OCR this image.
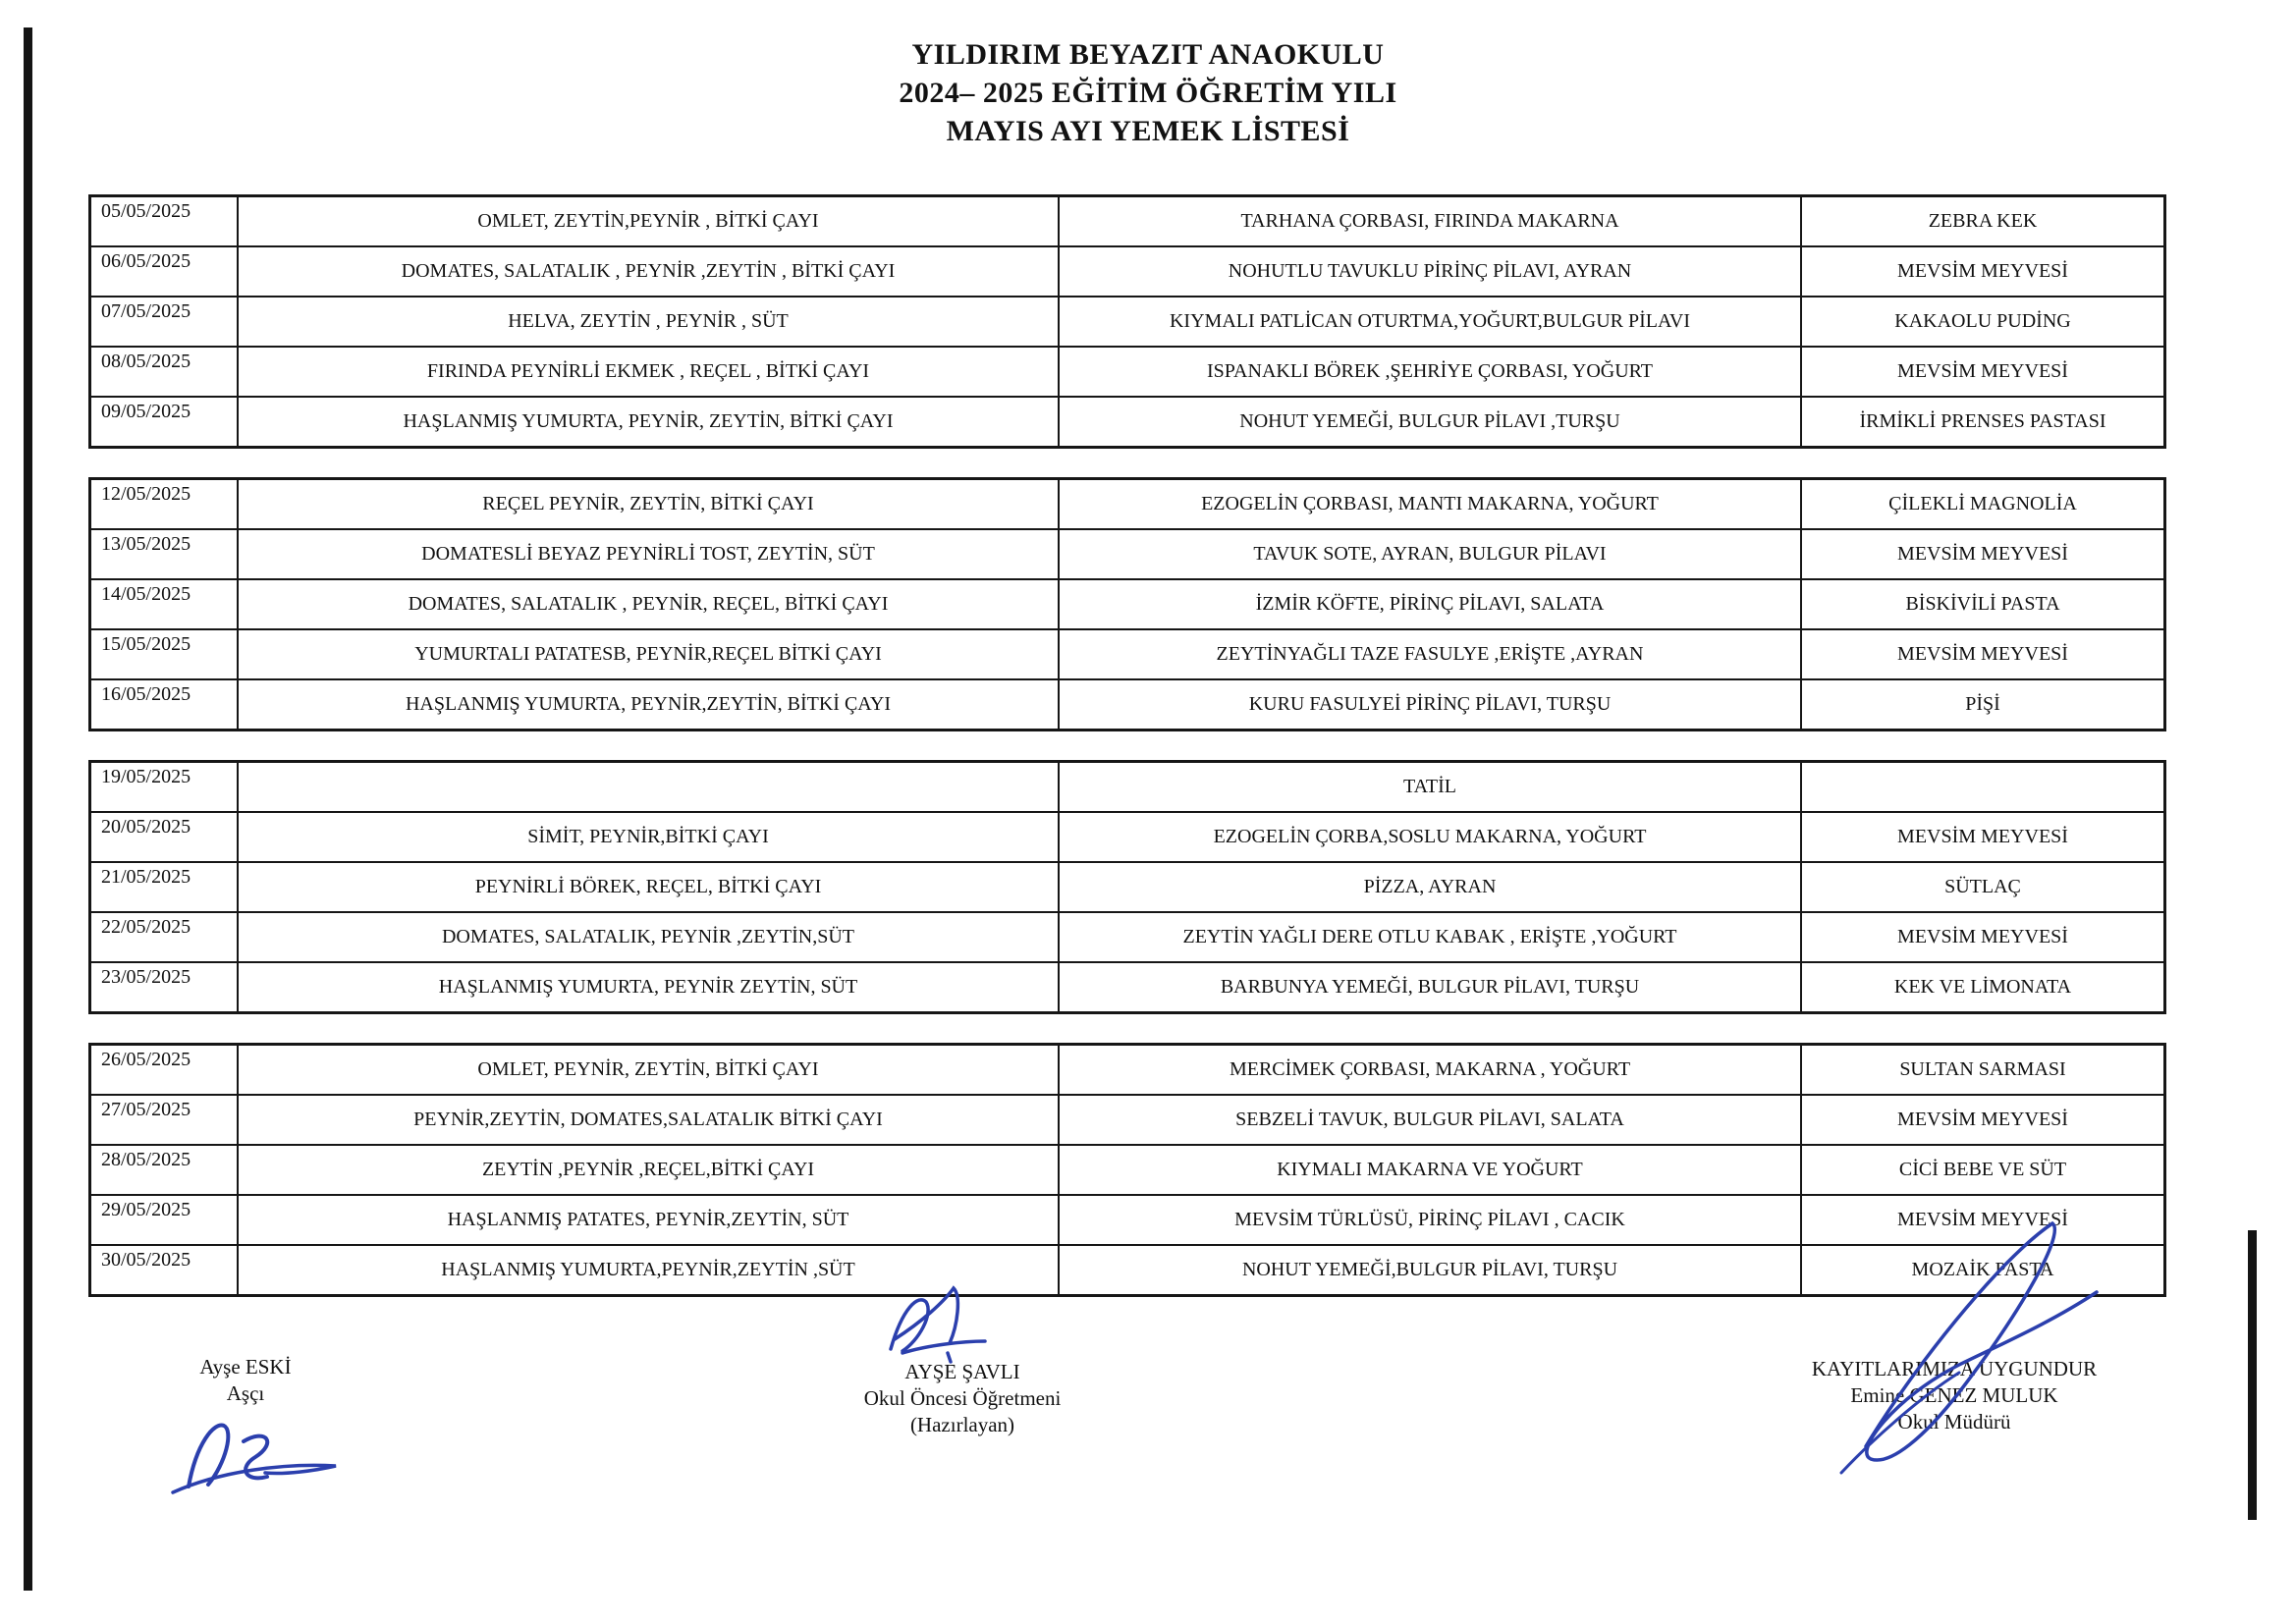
YILDIRIM BEYAZIT ANAOKULU
2024– 2025 EĞİTİM ÖĞRETİM YILI
MAYIS AYI YEMEK LİSTESİ
05/05/2025	OMLET, ZEYTİN,PEYNİR , BİTKİ ÇAYI	TARHANA ÇORBASI, FIRINDA MAKARNA	ZEBRA KEK
06/05/2025	DOMATES, SALATALIK , PEYNİR ,ZEYTİN , BİTKİ ÇAYI	NOHUTLU TAVUKLU PİRİNÇ PİLAVI, AYRAN	MEVSİM MEYVESİ
07/05/2025	HELVA, ZEYTİN , PEYNİR , SÜT	KIYMALI PATLİCAN OTURTMA,YOĞURT,BULGUR PİLAVI	KAKAOLU PUDİNG
08/05/2025	FIRINDA PEYNİRLİ EKMEK , REÇEL , BİTKİ ÇAYI	ISPANAKLI BÖREK ,ŞEHRİYE ÇORBASI, YOĞURT	MEVSİM MEYVESİ
09/05/2025	HAŞLANMIŞ YUMURTA, PEYNİR, ZEYTİN, BİTKİ ÇAYI	NOHUT YEMEĞİ, BULGUR PİLAVI ,TURŞU	İRMİKLİ PRENSES PASTASI
12/05/2025	REÇEL PEYNİR, ZEYTİN, BİTKİ ÇAYI	EZOGELİN ÇORBASI, MANTI MAKARNA, YOĞURT	ÇİLEKLİ MAGNOLİA
13/05/2025	DOMATESLİ BEYAZ PEYNİRLİ TOST, ZEYTİN, SÜT	TAVUK SOTE, AYRAN, BULGUR PİLAVI	MEVSİM MEYVESİ
14/05/2025	DOMATES, SALATALIK , PEYNİR, REÇEL, BİTKİ ÇAYI	İZMİR KÖFTE, PİRİNÇ PİLAVI, SALATA	BİSKİVİLİ PASTA
15/05/2025	YUMURTALI PATATESB, PEYNİR,REÇEL BİTKİ ÇAYI	ZEYTİNYAĞLI TAZE FASULYE ,ERİŞTE ,AYRAN	MEVSİM MEYVESİ
16/05/2025	HAŞLANMIŞ YUMURTA, PEYNİR,ZEYTİN, BİTKİ ÇAYI	KURU FASULYEİ PİRİNÇ PİLAVI, TURŞU	PİŞİ
19/05/2025		TATİL	
20/05/2025	SİMİT, PEYNİR,BİTKİ ÇAYI	EZOGELİN ÇORBA,SOSLU MAKARNA, YOĞURT	MEVSİM MEYVESİ
21/05/2025	PEYNİRLİ BÖREK, REÇEL, BİTKİ ÇAYI	PİZZA, AYRAN	SÜTLAÇ
22/05/2025	DOMATES, SALATALIK, PEYNİR ,ZEYTİN,SÜT	ZEYTİN YAĞLI DERE OTLU KABAK , ERİŞTE ,YOĞURT	MEVSİM MEYVESİ
23/05/2025	HAŞLANMIŞ YUMURTA, PEYNİR ZEYTİN, SÜT	BARBUNYA YEMEĞİ, BULGUR PİLAVI, TURŞU	KEK VE LİMONATA
26/05/2025	OMLET, PEYNİR, ZEYTİN, BİTKİ ÇAYI	MERCİMEK ÇORBASI, MAKARNA , YOĞURT	SULTAN SARMASI
27/05/2025	PEYNİR,ZEYTİN, DOMATES,SALATALIK BİTKİ ÇAYI	SEBZELİ TAVUK, BULGUR PİLAVI, SALATA	MEVSİM MEYVESİ
28/05/2025	ZEYTİN ,PEYNİR ,REÇEL,BİTKİ ÇAYI	KIYMALI MAKARNA VE YOĞURT	CİCİ BEBE VE SÜT
29/05/2025	HAŞLANMIŞ PATATES, PEYNİR,ZEYTİN, SÜT	MEVSİM TÜRLÜSÜ, PİRİNÇ PİLAVI , CACIK	MEVSİM MEYVESİ
30/05/2025	HAŞLANMIŞ YUMURTA,PEYNİR,ZEYTİN ,SÜT	NOHUT YEMEĞİ,BULGUR PİLAVI, TURŞU	MOZAİK PASTA
Ayşe ESKİ
Aşçı
AYŞE ŞAVLI
Okul Öncesi Öğretmeni
(Hazırlayan)
KAYITLARIMIZA UYGUNDUR
Emine GENEZ MULUK
Okul Müdürü
